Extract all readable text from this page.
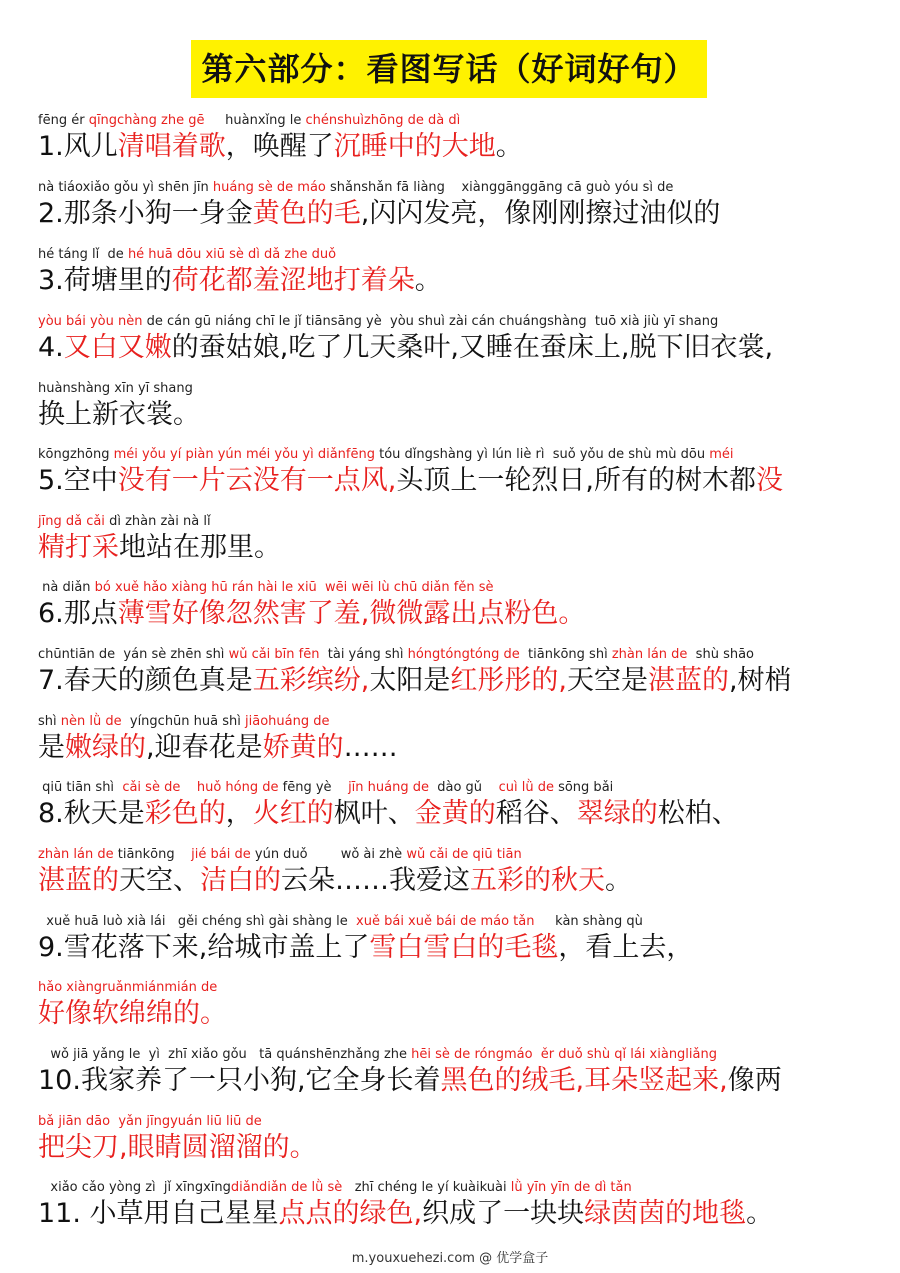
第六部分：看图写话（好词好句）
fēng ér qīngchàng zhe gē     huànxǐng le chénshuìzhōng de dà dì
1.风儿清唱着歌，唤醒了沉睡中的大地。
nà tiáoxiǎo gǒu yì shēn jīn huáng sè de máo shǎnshǎn fā liàng    xiànggānggāng cā guò yóu sì de
2.那条小狗一身金黄色的毛,闪闪发亮，像刚刚擦过油似的
hé táng lǐ  de hé huā dōu xiū sè dì dǎ zhe duǒ
3.荷塘里的荷花都羞涩地打着朵。
yòu bái yòu nèn de cán gū niáng chī le jǐ tiānsāng yè  yòu shuì zài cán chuángshàng  tuō xià jiù yī shang
4.又白又嫩的蚕姑娘,吃了几天桑叶,又睡在蚕床上,脱下旧衣裳,
huànshàng xīn yī shang
换上新衣裳。
kōngzhōng méi yǒu yí piàn yún méi yǒu yì diǎnfēng tóu dǐngshàng yì lún liè rì  suǒ yǒu de shù mù dōu méi
5.空中没有一片云没有一点风,头顶上一轮烈日,所有的树木都没
jīng dǎ cǎi dì zhàn zài nà lǐ
精打采地站在那里。
nà diǎn bó xuě hǎo xiàng hū rán hài le xiū  wēi wēi lù chū diǎn fěn sè
6.那点薄雪好像忽然害了羞,微微露出点粉色。
chūntiān de  yán sè zhēn shì wǔ cǎi bīn fēn  tài yáng shì hóngtóngtóng de  tiānkōng shì zhàn lán de  shù shāo
7.春天的颜色真是五彩缤纷,太阳是红彤彤的,天空是湛蓝的,树梢
shì nèn lǜ de  yíngchūn huā shì jiāohuáng de
是嫩绿的,迎春花是娇黄的……
qiū tiān shì  cǎi sè de huǒ hóng de fēng yè    jīn huáng de  dào gǔ    cuì lǜ de sōng bǎi
8.秋天是彩色的，火红的枫叶、金黄的稻谷、翠绿的松柏、
zhàn lán de tiānkōng    jié bái de yún duǒ        wǒ ài zhè wǔ cǎi de qiū tiān
湛蓝的天空、洁白的云朵……我爱这五彩的秋天。
xuě huā luò xià lái   gěi chéng shì gài shàng le  xuě bái xuě bái de máo tǎn     kàn shàng qù
9.雪花落下来,给城市盖上了雪白雪白的毛毯，看上去，
hǎo xiàngruǎnmiánmián de
好像软绵绵的。
wǒ jiā yǎng le  yì  zhī xiǎo gǒu   tā quánshēnzhǎng zhe hēi sè de róngmáo  ěr duǒ shù qǐ lái xiàngliǎng
10.我家养了一只小狗,它全身长着黑色的绒毛,耳朵竖起来,像两
bǎ jiān dāo  yǎn jīngyuán liū liū de
把尖刀,眼睛圆溜溜的。
xiǎo cǎo yòng zì  jǐ xīngxīngdiǎndiǎn de lǜ sè   zhī chéng le yí kuàikuài lǜ yīn yīn de dì tǎn
11. 小草用自己星星点点的绿色,织成了一块块绿茵茵的地毯。
m.youxuehezi.com @ 优学盒子
